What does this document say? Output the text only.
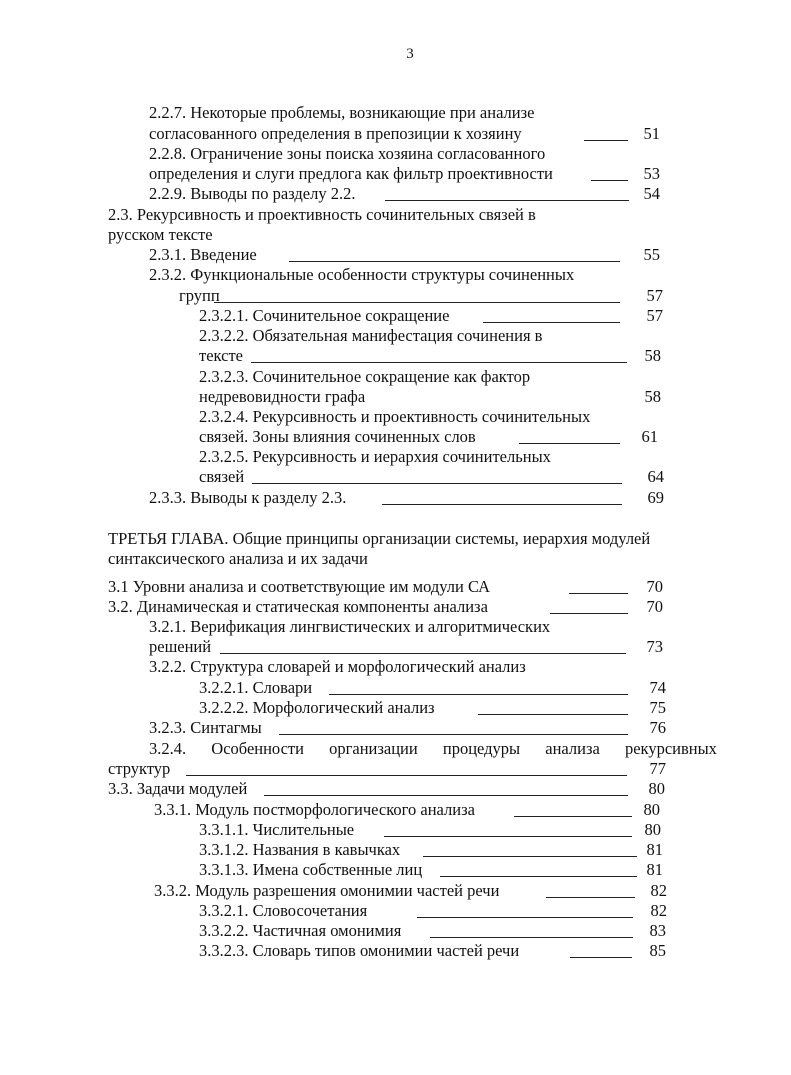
3
2.2.7. Некоторые проблемы, возникающие при анализе
согласованного определения в препозиции к хозяину	51
2.2.8. Ограничение зоны поиска хозяина согласованного
определения и слуги предлога как фильтр проективности	53
2.2.9. Выводы по разделу 2.2.	54
2.3. Рекурсивность и проективность сочинительных связей в
русском тексте
2.3.1. Введение	55
2.3.2. Функциональные особенности структуры сочиненных
групп	57
2.3.2.1. Сочинительное сокращение	57
2.3.2.2. Обязательная манифестация сочинения в
тексте	58
2.3.2.3. Сочинительное сокращение как фактор
недревовидности графа	58
2.3.2.4. Рекурсивность и проективность сочинительных
связей. Зоны влияния сочиненных слов	61
2.3.2.5. Рекурсивность и иерархия сочинительных
связей	64
2.3.3. Выводы к разделу 2.3.	69
ТРЕТЬЯ ГЛАВА. Общие принципы организации системы, иерархия модулей
синтаксического анализа и их задачи
3.1 Уровни анализа и соответствующие им модули СА	70
3.2. Динамическая и статическая компоненты анализа	70
3.2.1. Верификация лингвистических и алгоритмических
решений	73
3.2.2. Структура словарей и морфологический анализ
3.2.2.1. Словари	74
3.2.2.2. Морфологический анализ	75
3.2.3. Синтагмы	76
3.2.4. Особенности организации процедуры анализа рекурсивных
структур	77
3.3. Задачи модулей	80
3.3.1. Модуль постморфологического анализа	80
3.3.1.1. Числительные	80
3.3.1.2. Названия в кавычках	81
3.3.1.3. Имена собственные лиц	81
3.3.2. Модуль разрешения омонимии частей речи	82
3.3.2.1. Словосочетания	82
3.3.2.2. Частичная омонимия	83
3.3.2.3. Словарь типов омонимии частей речи	85
